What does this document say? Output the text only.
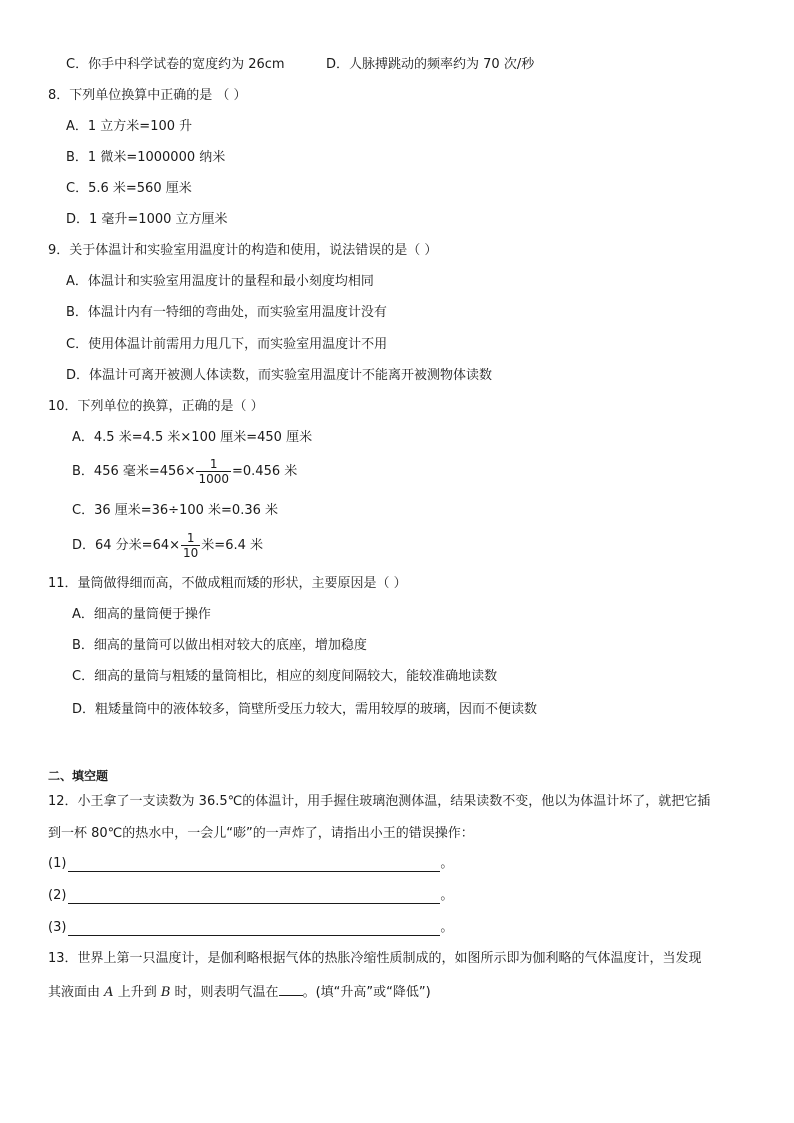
C．你手中科学试卷的宽度约为 26cm	D．人脉搏跳动的频率约为 70 次/秒
8．下列单位换算中正确的是 （ ）
A．1 立方米=100 升
B．1 微米=1000000 纳米
C．5.6 米=560 厘米
D．1 毫升=1000 立方厘米
9．关于体温计和实验室用温度计的构造和使用，说法错误的是（ ）
A．体温计和实验室用温度计的量程和最小刻度均相同
B．体温计内有一特细的弯曲处，而实验室用温度计没有
C．使用体温计前需用力甩几下，而实验室用温度计不用
D．体温计可离开被测人体读数，而实验室用温度计不能离开被测物体读数
10．下列单位的换算，正确的是（ ）
A．4.5 米=4.5 米×100 厘米=450 厘米
B．456 毫米$=456\times \frac{1}{1000} =0.456$ 米
C．36 厘米=36÷100 米=0.36 米
D．64 分米$=64\times \frac{1}{10}$ 米=6.4 米
11．量筒做得细而高，不做成粗而矮的形状，主要原因是（ ）
A．细高的量筒便于操作
B．细高的量筒可以做出相对较大的底座，增加稳度
C．细高的量筒与粗矮的量筒相比，相应的刻度间隔较大，能较准确地读数
D．粗矮量筒中的液体较多，筒壁所受压力较大，需用较厚的玻璃，因而不便读数
二、填空题
12．小王拿了一支读数为 36.5℃的体温计，用手握住玻璃泡测体温，结果读数不变，他以为体温计坏了，就把它插
到一杯 80℃的热水中，一会儿“嘭”的一声炸了，请指出小王的错误操作：
(1)	。
(2)	。
(3)	。
13．世界上第一只温度计，是伽利略根据气体的热胀冷缩性质制成的，如图所示即为伽利略的气体温度计，当发现
其液面由 A 上升到 B 时，则表明气温在 。(填“升高”或“降低”)
